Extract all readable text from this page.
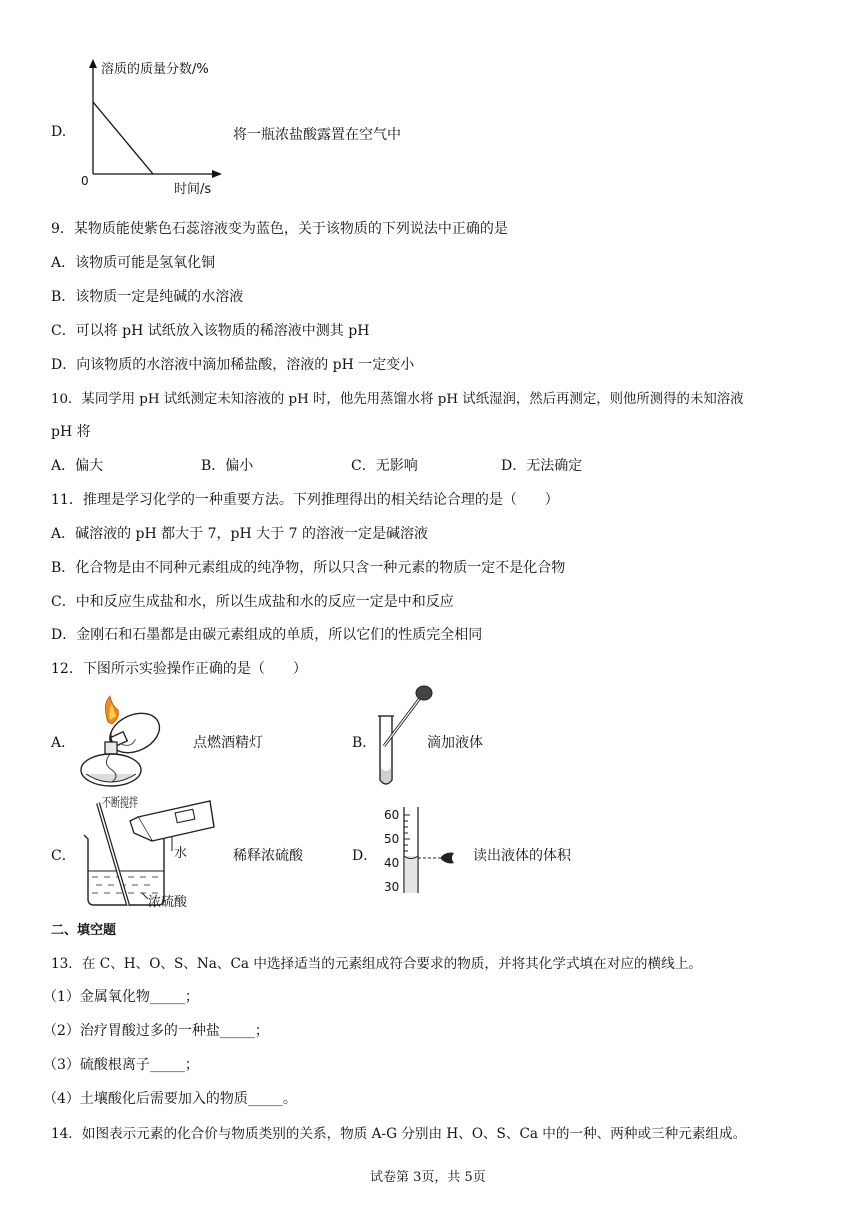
D.
溶质的质量分数/%
0
时间/s
将一瓶浓盐酸露置在空气中
9．某物质能使紫色石蕊溶液变为蓝色，关于该物质的下列说法中正确的是
A．该物质可能是氢氧化铜
B．该物质一定是纯碱的水溶液
C．可以将 pH 试纸放入该物质的稀溶液中测其 pH
D．向该物质的水溶液中滴加稀盐酸，溶液的 pH 一定变小
10．某同学用 pH 试纸测定未知溶液的 pH 时，他先用蒸馏水将 pH 试纸湿润，然后再测定，则他所测得的未知溶液
pH 将
A．偏大	B．偏小	C．无影响	D．无法确定
11．推理是学习化学的一种重要方法。下列推理得出的相关结论合理的是（　　）
A．碱溶液的 pH 都大于 7，pH 大于 7 的溶液一定是碱溶液
B．化合物是由不同种元素组成的纯净物，所以只含一种元素的物质一定不是化合物
C．中和反应生成盐和水，所以生成盐和水的反应一定是中和反应
D．金刚石和石墨都是由碳元素组成的单质，所以它们的性质完全相同
12．下图所示实验操作正确的是（　　）
A．	点燃酒精灯	B．	滴加液体
C．
不断搅拌
水
浓硫酸
稀释浓硫酸	D．
60
50
40
30
读出液体的体积
二、填空题
13．在 C、H、O、S、Na、Ca 中选择适当的元素组成符合要求的物质，并将其化学式填在对应的横线上。
（1）金属氧化物_____；
（2）治疗胃酸过多的一种盐_____；
（3）硫酸根离子_____；
（4）土壤酸化后需要加入的物质_____。
14．如图表示元素的化合价与物质类别的关系，物质 A-G 分别由 H、O、S、Ca 中的一种、两种或三种元素组成。
试卷第 3页，共 5页
